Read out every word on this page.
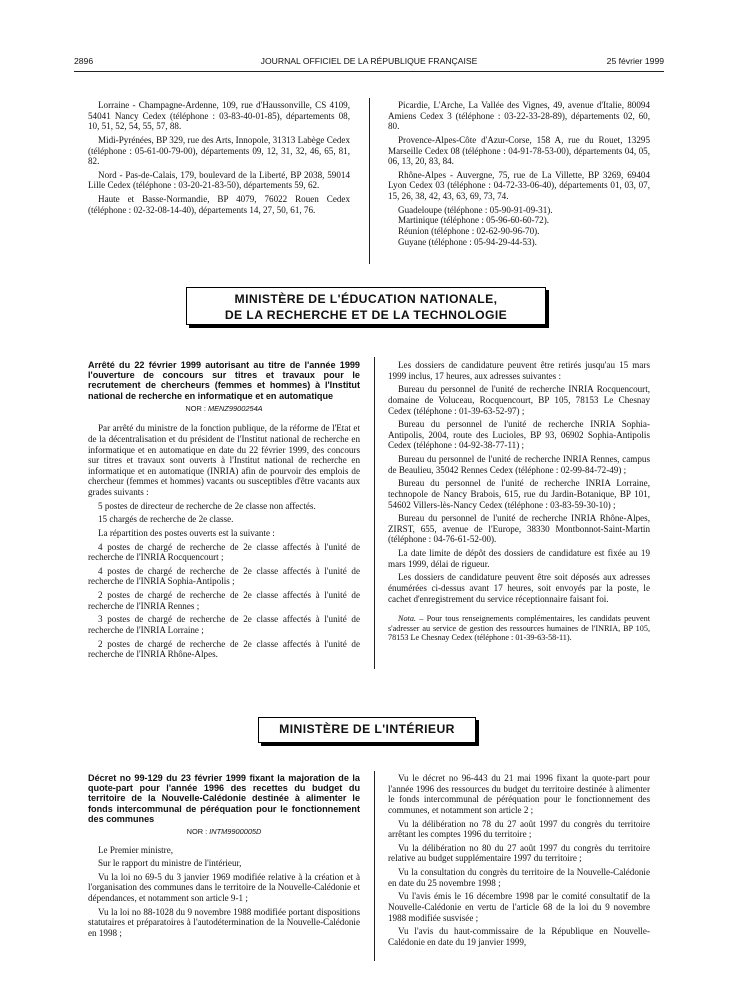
2896	JOURNAL OFFICIEL DE LA RÉPUBLIQUE FRANÇAISE	25 février 1999

Lorraine - Champagne-Ardenne, 109, rue d'Haussonville, CS 4109, 54041 Nancy Cedex (téléphone : 03-83-40-01-85), départements 08, 10, 51, 52, 54, 55, 57, 88.

Midi-Pyrénées, BP 329, rue des Arts, Innopole, 31313 Labège Cedex (téléphone : 05-61-00-79-00), départements 09, 12, 31, 32, 46, 65, 81, 82.

Nord - Pas-de-Calais, 179, boulevard de la Liberté, BP 2038, 59014 Lille Cedex (téléphone : 03-20-21-83-50), départements 59, 62.

Haute et Basse-Normandie, BP 4079, 76022 Rouen Cedex (téléphone : 02-32-08-14-40), départements 14, 27, 50, 61, 76.

Picardie, L'Arche, La Vallée des Vignes, 49, avenue d'Italie, 80094 Amiens Cedex 3 (téléphone : 03-22-33-28-89), départements 02, 60, 80.

Provence-Alpes-Côte d'Azur-Corse, 158 A, rue du Rouet, 13295 Marseille Cedex 08 (téléphone : 04-91-78-53-00), départements 04, 05, 06, 13, 20, 83, 84.

Rhône-Alpes - Auvergne, 75, rue de La Villette, BP 3269, 69404 Lyon Cedex 03 (téléphone : 04-72-33-06-40), départements 01, 03, 07, 15, 26, 38, 42, 43, 63, 69, 73, 74.

Guadeloupe (téléphone : 05-90-91-09-31).

Martinique (téléphone : 05-96-60-60-72).

Réunion (téléphone : 02-62-90-96-70).

Guyane (téléphone : 05-94-29-44-53).

MINISTÈRE DE L'ÉDUCATION NATIONALE,
DE LA RECHERCHE ET DE LA TECHNOLOGIE
Arrêté du 22 février 1999 autorisant au titre de l'année 1999 l'ouverture de concours sur titres et travaux pour le recrutement de chercheurs (femmes et hommes) à l'Institut national de recherche en informatique et en automatique
NOR : MENZ9900254A

Par arrêté du ministre de la fonction publique, de la réforme de l'Etat et de la décentralisation et du président de l'Institut national de recherche en informatique et en automatique en date du 22 février 1999, des concours sur titres et travaux sont ouverts à l'Institut national de recherche en informatique et en automatique (INRIA) afin de pourvoir des emplois de chercheur (femmes et hommes) vacants ou susceptibles d'être vacants aux grades suivants :

5 postes de directeur de recherche de 2e classe non affectés.

15 chargés de recherche de 2e classe.

La répartition des postes ouverts est la suivante :

4 postes de chargé de recherche de 2e classe affectés à l'unité de recherche de l'INRIA Rocquencourt ;

4 postes de chargé de recherche de 2e classe affectés à l'unité de recherche de l'INRIA Sophia-Antipolis ;

2 postes de chargé de recherche de 2e classe affectés à l'unité de recherche de l'INRIA Rennes ;

3 postes de chargé de recherche de 2e classe affectés à l'unité de recherche de l'INRIA Lorraine ;

2 postes de chargé de recherche de 2e classe affectés à l'unité de recherche de l'INRIA Rhône-Alpes.

Les dossiers de candidature peuvent être retirés jusqu'au 15 mars 1999 inclus, 17 heures, aux adresses suivantes :

Bureau du personnel de l'unité de recherche INRIA Rocquencourt, domaine de Voluceau, Rocquencourt, BP 105, 78153 Le Chesnay Cedex (téléphone : 01-39-63-52-97) ;

Bureau du personnel de l'unité de recherche INRIA Sophia-Antipolis, 2004, route des Lucioles, BP 93, 06902 Sophia-Antipolis Cedex (téléphone : 04-92-38-77-11) ;

Bureau du personnel de l'unité de recherche INRIA Rennes, campus de Beaulieu, 35042 Rennes Cedex (téléphone : 02-99-84-72-49) ;

Bureau du personnel de l'unité de recherche INRIA Lorraine, technopole de Nancy Brabois, 615, rue du Jardin-Botanique, BP 101, 54602 Villers-lès-Nancy Cedex (téléphone : 03-83-59-30-10) ;

Bureau du personnel de l'unité de recherche INRIA Rhône-Alpes, ZIRST, 655, avenue de l'Europe, 38330 Montbonnot-Saint-Martin (téléphone : 04-76-61-52-00).

La date limite de dépôt des dossiers de candidature est fixée au 19 mars 1999, délai de rigueur.

Les dossiers de candidature peuvent être soit déposés aux adresses énumérées ci-dessus avant 17 heures, soit envoyés par la poste, le cachet d'enregistrement du service réceptionnaire faisant foi.

Nota. – Pour tous renseignements complémentaires, les candidats peuvent s'adresser au service de gestion des ressources humaines de l'INRIA, BP 105, 78153 Le Chesnay Cedex (téléphone : 01-39-63-58-11).

MINISTÈRE DE L'INTÉRIEUR
Décret no 99-129 du 23 février 1999 fixant la majoration de la quote-part pour l'année 1996 des recettes du budget du territoire de la Nouvelle-Calédonie destinée à alimenter le fonds intercommunal de péréquation pour le fonctionnement des communes
NOR : INTM9900005D

Le Premier ministre,

Sur le rapport du ministre de l'intérieur,

Vu la loi no 69-5 du 3 janvier 1969 modifiée relative à la création et à l'organisation des communes dans le territoire de la Nouvelle-Calédonie et dépendances, et notamment son article 9-1 ;

Vu la loi no 88-1028 du 9 novembre 1988 modifiée portant dispositions statutaires et préparatoires à l'autodétermination de la Nouvelle-Calédonie en 1998 ;

Vu le décret no 96-443 du 21 mai 1996 fixant la quote-part pour l'année 1996 des ressources du budget du territoire destinée à alimenter le fonds intercommunal de péréquation pour le fonctionnement des communes, et notamment son article 2 ;

Vu la délibération no 78 du 27 août 1997 du congrès du territoire arrêtant les comptes 1996 du territoire ;

Vu la délibération no 80 du 27 août 1997 du congrès du territoire relative au budget supplémentaire 1997 du territoire ;

Vu la consultation du congrès du territoire de la Nouvelle-Calédonie en date du 25 novembre 1998 ;

Vu l'avis émis le 16 décembre 1998 par le comité consultatif de la Nouvelle-Calédonie en vertu de l'article 68 de la loi du 9 novembre 1988 modifiée susvisée ;

Vu l'avis du haut-commissaire de la République en Nouvelle-Calédonie en date du 19 janvier 1999,
